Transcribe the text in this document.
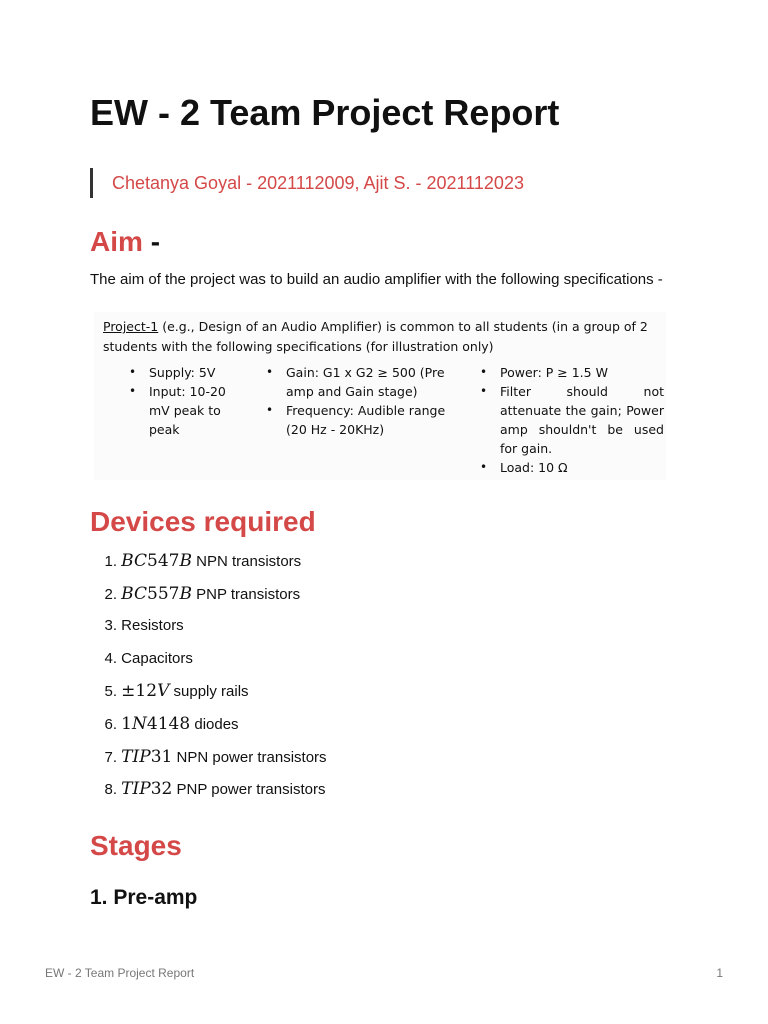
EW - 2 Team Project Report
Chetanya Goyal - 2021112009, Ajit S. - 2021112023
Aim -

The aim of the project was to build an audio amplifier with the following specifications -

Project-1 (e.g., Design of an Audio Amplifier) is common to all students (in a group of 2 students with the following specifications (for illustration only)

• Supply: 5V
• Input: 10-20 mV peak to peak
• Gain: G1 x G2 ≥ 500 (Pre amp and Gain stage)
• Frequency: Audible range (20 Hz - 20KHz)
• Power: P ≥ 1.5 W
• Filter should not attenuate the gain; Power amp shouldn't be used for gain.
• Load: 10 Ω
Devices required
1. BC547B NPN transistors
2. BC557B PNP transistors
3. Resistors
4. Capacitors
5. ±12V supply rails
6. 1N4148 diodes
7. TIP31 NPN power transistors
8. TIP32 PNP power transistors
Stages
1. Pre-amp
EW - 2 Team Project Report	1
